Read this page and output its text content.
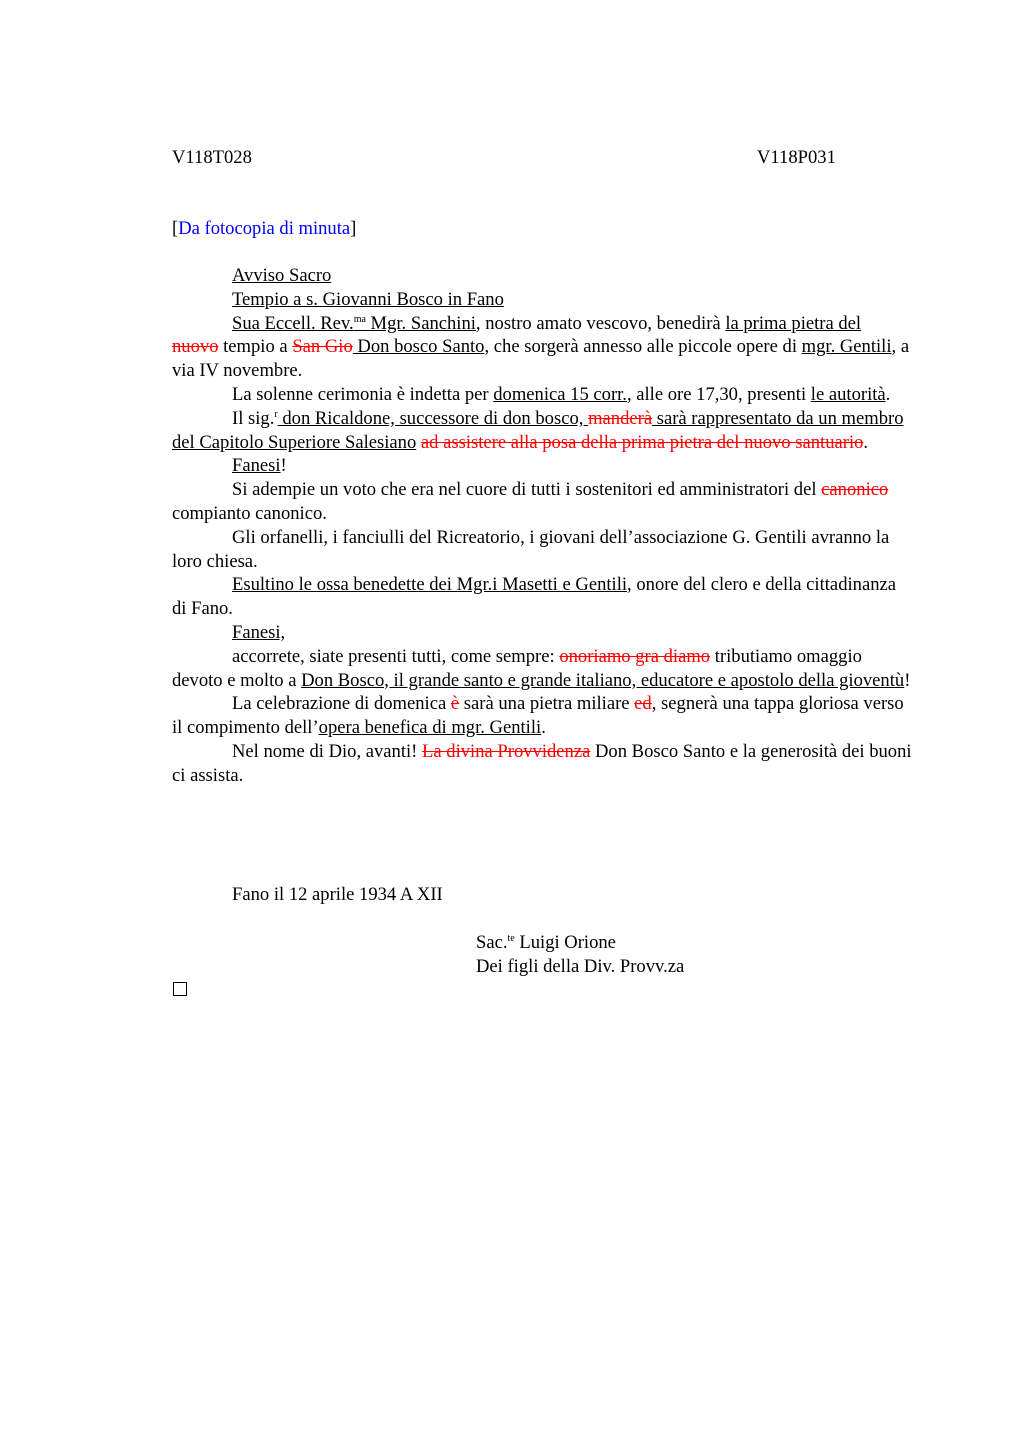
V118T028	V118P031
[Da fotocopia di minuta]

Avviso Sacro

Tempio a s. Giovanni Bosco in Fano

Sua Eccell. Rev.$^{ma}$ Mgr. Sanchini, nostro amato vescovo, benedirà la prima pietra del nuovo tempio a San Gio Don bosco Santo, che sorgerà annesso alle piccole opere di mgr. Gentili, a via IV novembre.

La solenne cerimonia è indetta per domenica 15 corr., alle ore 17,30, presenti le autorità.

Il sig.$^r$ don Ricaldone, successore di don bosco, manderà sarà rappresentato da un membro del Capitolo Superiore Salesiano ad assistere alla posa della prima pietra del nuovo santuario.

Fanesi!

Si adempie un voto che era nel cuore di tutti i sostenitori ed amministratori del canonico compianto canonico.

Gli orfanelli, i fanciulli del Ricreatorio, i giovani dell’associazione G. Gentili avranno la loro chiesa.

Esultino le ossa benedette dei Mgr.i Masetti e Gentili, onore del clero e della cittadinanza di Fano.

Fanesi,

accorrete, siate presenti tutti, come sempre: onoriamo gra diamo tributiamo omaggio devoto e molto a Don Bosco, il grande santo e grande italiano, educatore e apostolo della gioventù!

La celebrazione di domenica è sarà una pietra miliare ed, segnerà una tappa gloriosa verso il compimento dell’opera benefica di mgr. Gentili.

Nel nome di Dio, avanti! La divina Provvidenza Don Bosco Santo e la generosità dei buoni ci assista.

Fano il 12 aprile 1934 A XII
Sac.$^{te}$ Luigi Orione
Dei figli della Div. Provv.za
